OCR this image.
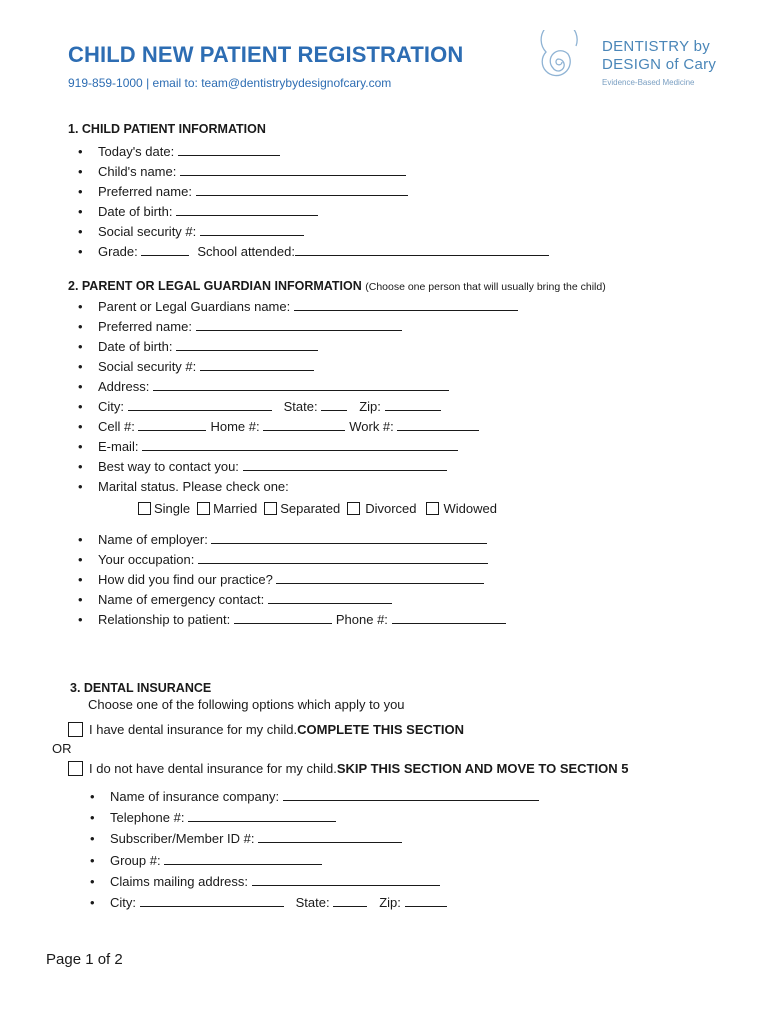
CHILD NEW PATIENT REGISTRATION
919-859-1000 | email to: team@dentistrybydesignofcary.com
DENTISTRY by
DESIGN of Cary
Evidence-Based Medicine
1. CHILD PATIENT INFORMATION
• Today's date:
• Child's name:
• Preferred name:
• Date of birth:
• Social security #:
• Grade:	School attended:
2. PARENT OR LEGAL GUARDIAN INFORMATION (Choose one person that will usually bring the child)
• Parent or Legal Guardians name:
• Preferred name:
• Date of birth:
• Social security #:
• Address:
• City:	State:	Zip:
• Cell #:	Home #:	Work #:
• E-mail:
• Best way to contact you:
• Marital status. Please check one:
Single Married Separated Divorced Widowed
• Name of employer:
• Your occupation:
• How did you find our practice?
• Name of emergency contact:
• Relationship to patient:	Phone #:
3. DENTAL INSURANCE
Choose one of the following options which apply to you
I have dental insurance for my child. COMPLETE THIS SECTION
OR
I do not have dental insurance for my child. SKIP THIS SECTION AND MOVE TO SECTION 5
• Name of insurance company:
• Telephone #:
• Subscriber/Member ID #:
• Group #:
• Claims mailing address:
• City:	State:	Zip:
Page 1 of 2
